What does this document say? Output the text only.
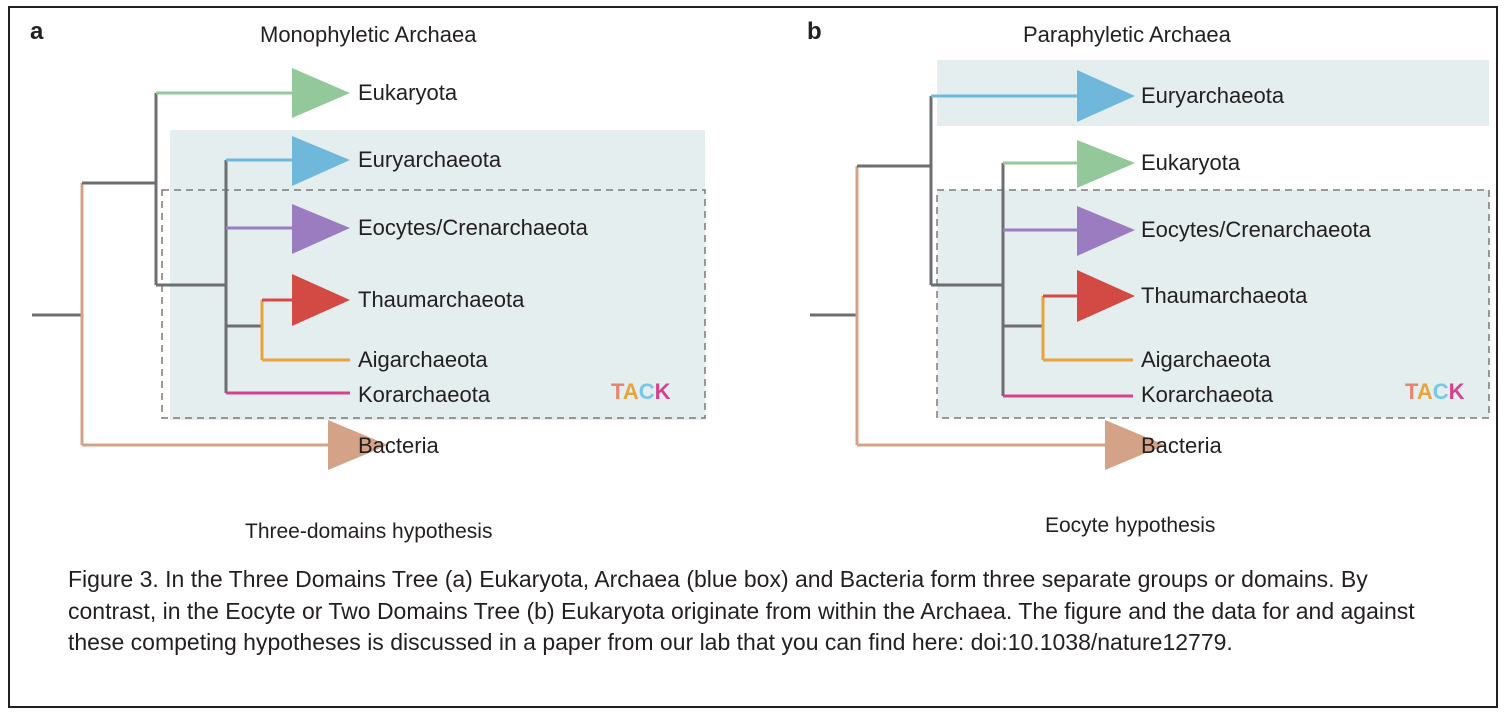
a	Monophyletic Archaea
Eukaryota
Euryarchaeota
Eocytes/Crenarchaeota
Thaumarchaeota
Aigarchaeota
Korarchaeota
Bacteria
TACK
Three-domains hypothesis
b	Paraphyletic Archaea
Euryarchaeota
Eukaryota
Eocytes/Crenarchaeota
Thaumarchaeota
Aigarchaeota
Korarchaeota
Bacteria
TACK
Eocyte hypothesis
Figure 3. In the Three Domains Tree (a) Eukaryota, Archaea (blue box) and Bacteria form three separate groups or domains. By contrast, in the Eocyte or Two Domains Tree (b) Eukaryota originate from within the Archaea. The figure and the data for and against these competing hypotheses is discussed in a paper from our lab that you can find here: doi:10.1038/nature12779.
